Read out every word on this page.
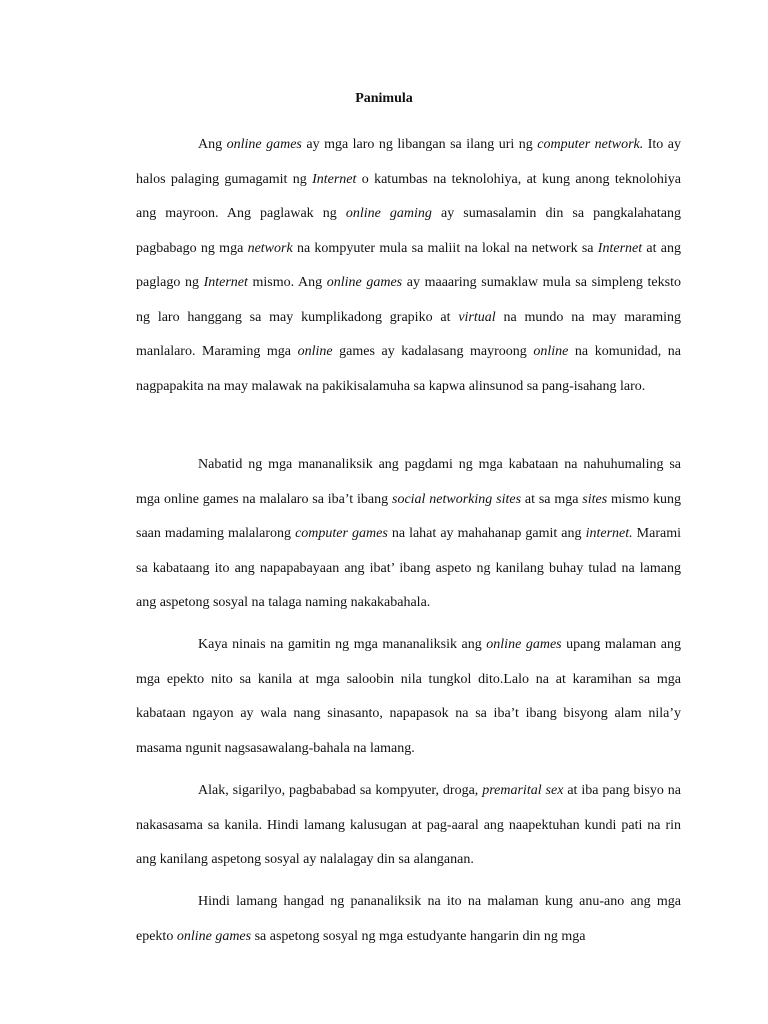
Panimula

Ang online games ay mga laro ng libangan sa ilang uri ng computer network. Ito ay halos palaging gumagamit ng Internet o katumbas na teknolohiya, at kung anong teknolohiya ang mayroon. Ang paglawak ng online gaming ay sumasalamin din sa pangkalahatang pagbabago ng mga network na kompyuter mula sa maliit na lokal na network sa Internet at ang paglago ng Internet mismo. Ang online games ay maaaring sumaklaw mula sa simpleng teksto ng laro hanggang sa may kumplikadong grapiko at virtual na mundo na may maraming manlalaro. Maraming mga online games ay kadalasang mayroong online na komunidad, na nagpapakita na may malawak na pakikisalamuha sa kapwa alinsunod sa pang-isahang laro.

Nabatid ng mga mananaliksik ang pagdami ng mga kabataan na nahuhumaling sa mga online games na malalaro sa iba’t ibang social networking sites at sa mga sites mismo kung saan madaming malalarong computer games na lahat ay mahahanap gamit ang internet. Marami sa kabataang ito ang napapabayaan ang ibat’ ibang aspeto ng kanilang buhay tulad na lamang ang aspetong sosyal na talaga naming nakakabahala.

Kaya ninais na gamitin ng mga mananaliksik ang online games upang malaman ang mga epekto nito sa kanila at mga saloobin nila tungkol dito.Lalo na at karamihan sa mga kabataan ngayon ay wala nang sinasanto, napapasok na sa iba’t ibang bisyong alam nila’y masama ngunit nagsasawalang-bahala na lamang.

Alak, sigarilyo, pagbababad sa kompyuter, droga, premarital sex at iba pang bisyo na nakasasama sa kanila. Hindi lamang kalusugan at pag-aaral ang naapektuhan kundi pati na rin ang kanilang aspetong sosyal ay nalalagay din sa alanganan.

Hindi lamang hangad ng pananaliksik na ito na malaman kung anu-ano ang mga epekto online games sa aspetong sosyal ng mga estudyante hangarin din ng mga
